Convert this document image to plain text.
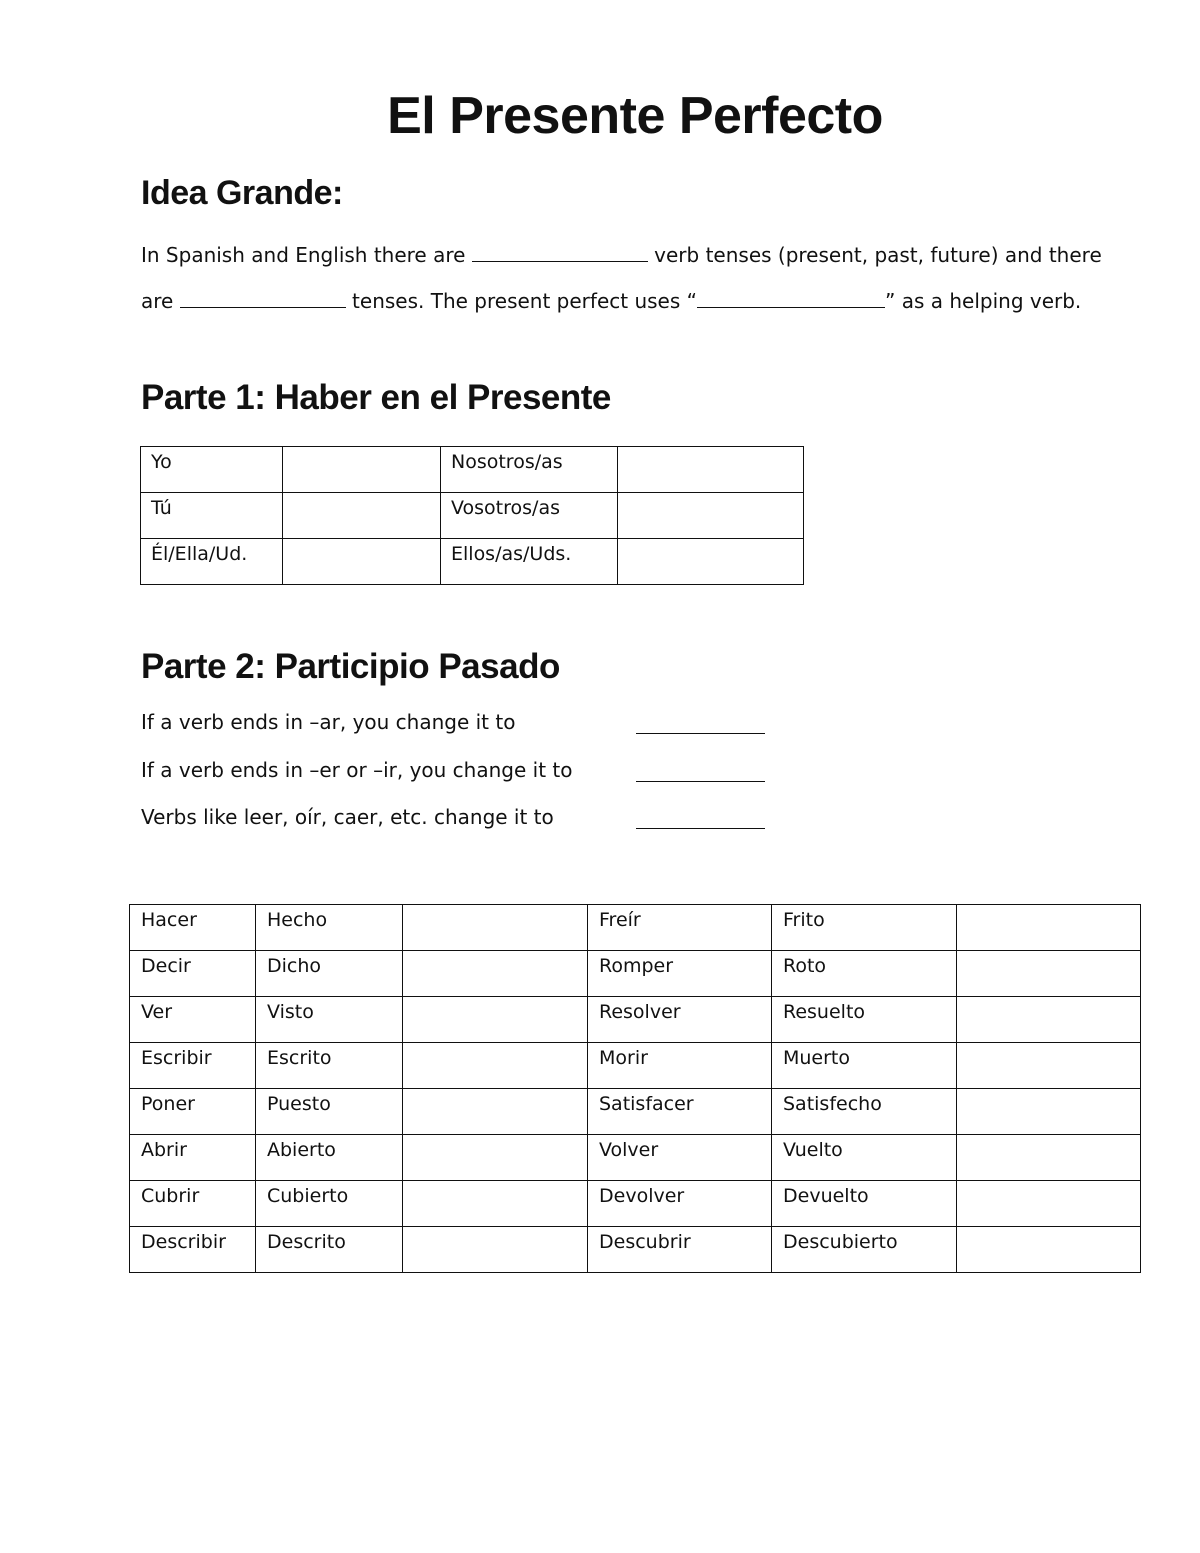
El Presente Perfecto
Idea Grande:

In Spanish and English there are	verb tenses (present, past, future) and there

are	tenses. The present perfect uses “	” as a helping verb.

Parte 1: Haber en el Presente
Yo		Nosotros/as	

Tú		Vosotros/as	

Él/Ella/Ud.		Ellos/as/Uds.	

Parte 2: Participio Pasado
If a verb ends in –ar, you change it to
If a verb ends in –er or –ir, you change it to
Verbs like leer, oír, caer, etc. change it to
Hacer	Hecho		Freír	Frito	

Decir	Dicho		Romper	Roto	

Ver	Visto		Resolver	Resuelto	

Escribir	Escrito		Morir	Muerto	

Poner	Puesto		Satisfacer	Satisfecho	

Abrir	Abierto		Volver	Vuelto	

Cubrir	Cubierto		Devolver	Devuelto	

Describir	Descrito		Descubrir	Descubierto	
